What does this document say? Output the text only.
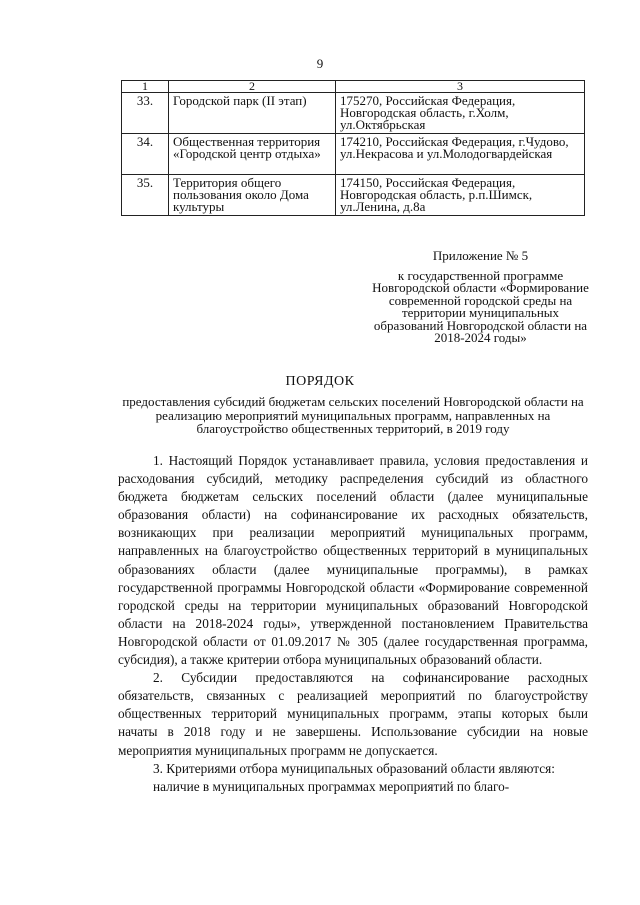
9
1	2	3
33.	Городской парк (II этап)	175270, Российская Федерация, Новгородская область, г.Холм, ул.Октябрьская
34.	Общественная территория «Городской центр отдыха»	174210, Российская Федерация, г.Чудово, ул.Некрасова и ул.Молодогвардейская
35.	Территория общего пользования около Дома культуры	174150, Российская Федерация, Новгородская область, р.п.Шимск, ул.Ленина, д.8а
Приложение № 5
к государственной программе Новгородской области «Формирование современной городской среды на территории муниципальных образований Новгородской области на 2018-2024 годы»
ПОРЯДОК
предоставления субсидий бюджетам сельских поселений Новгородской области на реализацию мероприятий муниципальных программ, направленных на благоустройство общественных территорий, в 2019 году

1. Настоящий Порядок устанавливает правила, условия предоставления и расходования субсидий, методику распределения субсидий из областного бюджета бюджетам сельских поселений области (далее муниципальные образования области) на софинансирование их расходных обязательств, возникающих при реализации мероприятий муниципальных программ, направленных на благоустройство общественных территорий в муниципальных образованиях области (далее муниципальные программы), в рамках государственной программы Новгородской области «Формирование современной городской среды на территории муниципальных образований Новгородской области на 2018-2024 годы», утвержденной постановлением Правительства Новгородской области от 01.09.2017 № 305 (далее государственная программа, субсидия), а также критерии отбора муниципальных образований области.

2. Субсидии предоставляются на софинансирование расходных обязательств, связанных с реализацией мероприятий по благоустройству общественных территорий муниципальных программ, этапы которых были начаты в 2018 году и не завершены. Использование субсидии на новые мероприятия муниципальных программ не допускается.

3. Критериями отбора муниципальных образований области являются:

наличие в муниципальных программах мероприятий по благо-
